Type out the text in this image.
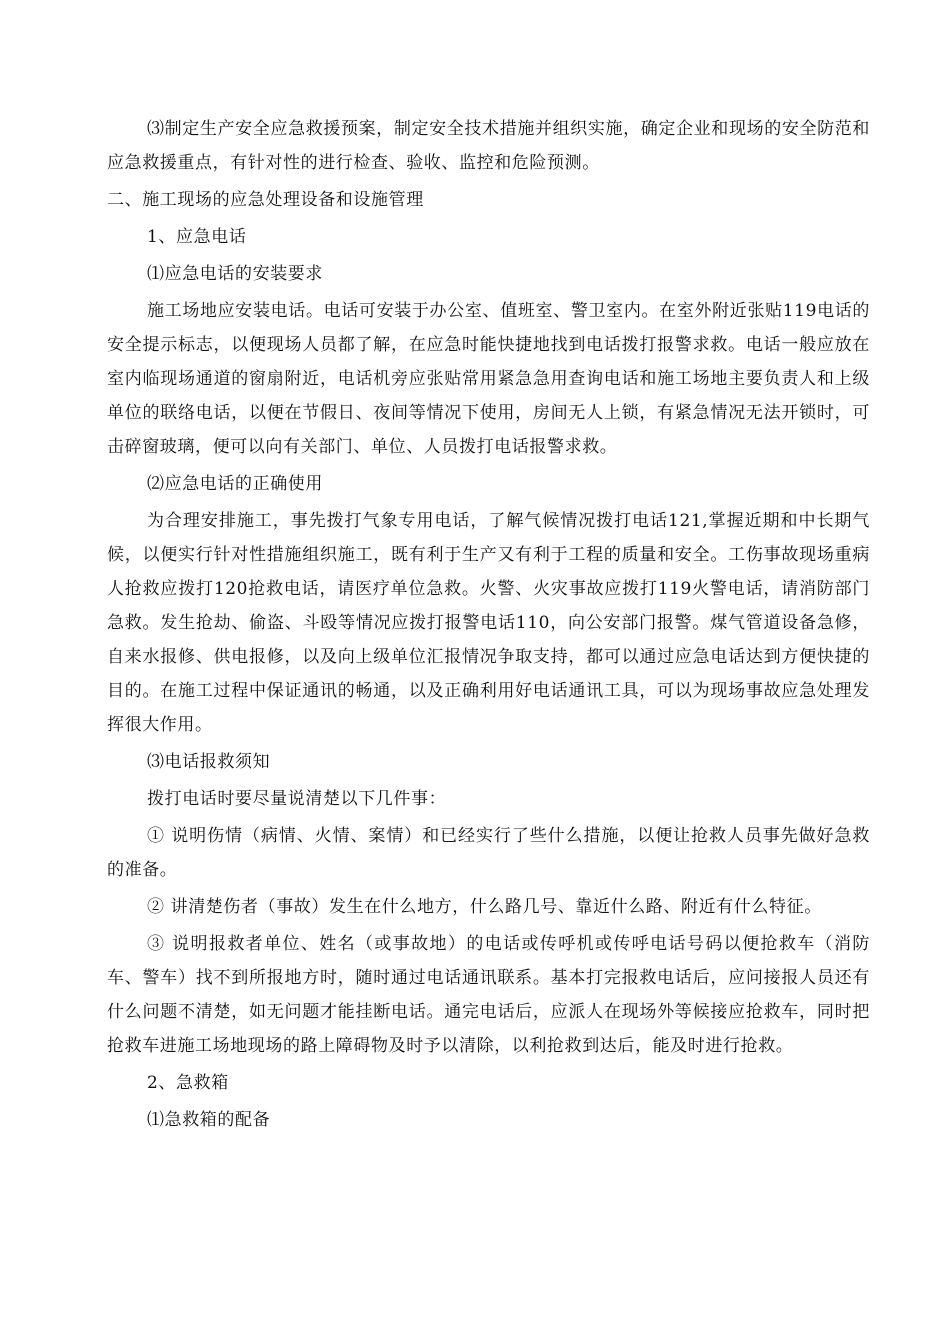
⑶制定生产安全应急救援预案，制定安全技术措施并组织实施，确定企业和现场的安全防范和应急救援重点，有针对性的进行检查、验收、监控和危险预测。

二、施工现场的应急处理设备和设施管理

1、应急电话

⑴应急电话的安装要求

施工场地应安装电话。电话可安装于办公室、值班室、警卫室内。在室外附近张贴119电话的安全提示标志，以便现场人员都了解，在应急时能快捷地找到电话拨打报警求救。电话一般应放在室内临现场通道的窗扇附近，电话机旁应张贴常用紧急急用查询电话和施工场地主要负责人和上级单位的联络电话，以便在节假日、夜间等情况下使用，房间无人上锁，有紧急情况无法开锁时，可击碎窗玻璃，便可以向有关部门、单位、人员拨打电话报警求救。

⑵应急电话的正确使用

为合理安排施工，事先拨打气象专用电话，了解气候情况拨打电话121,掌握近期和中长期气候，以便实行针对性措施组织施工，既有利于生产又有利于工程的质量和安全。工伤事故现场重病人抢救应拨打120抢救电话，请医疗单位急救。火警、火灾事故应拨打119火警电话，请消防部门急救。发生抢劫、偷盗、斗殴等情况应拨打报警电话110，向公安部门报警。煤气管道设备急修，自来水报修、供电报修，以及向上级单位汇报情况争取支持，都可以通过应急电话达到方便快捷的目的。在施工过程中保证通讯的畅通，以及正确利用好电话通讯工具，可以为现场事故应急处理发挥很大作用。

⑶电话报救须知

拨打电话时要尽量说清楚以下几件事：

① 说明伤情（病情、火情、案情）和已经实行了些什么措施，以便让抢救人员事先做好急救的准备。

② 讲清楚伤者（事故）发生在什么地方，什么路几号、靠近什么路、附近有什么特征。

③ 说明报救者单位、姓名（或事故地）的电话或传呼机或传呼电话号码以便抢救车（消防车、警车）找不到所报地方时，随时通过电话通讯联系。基本打完报救电话后，应问接报人员还有什么问题不清楚，如无问题才能挂断电话。通完电话后，应派人在现场外等候接应抢救车，同时把抢救车进施工场地现场的路上障碍物及时予以清除，以利抢救到达后，能及时进行抢救。

2、急救箱

⑴急救箱的配备
